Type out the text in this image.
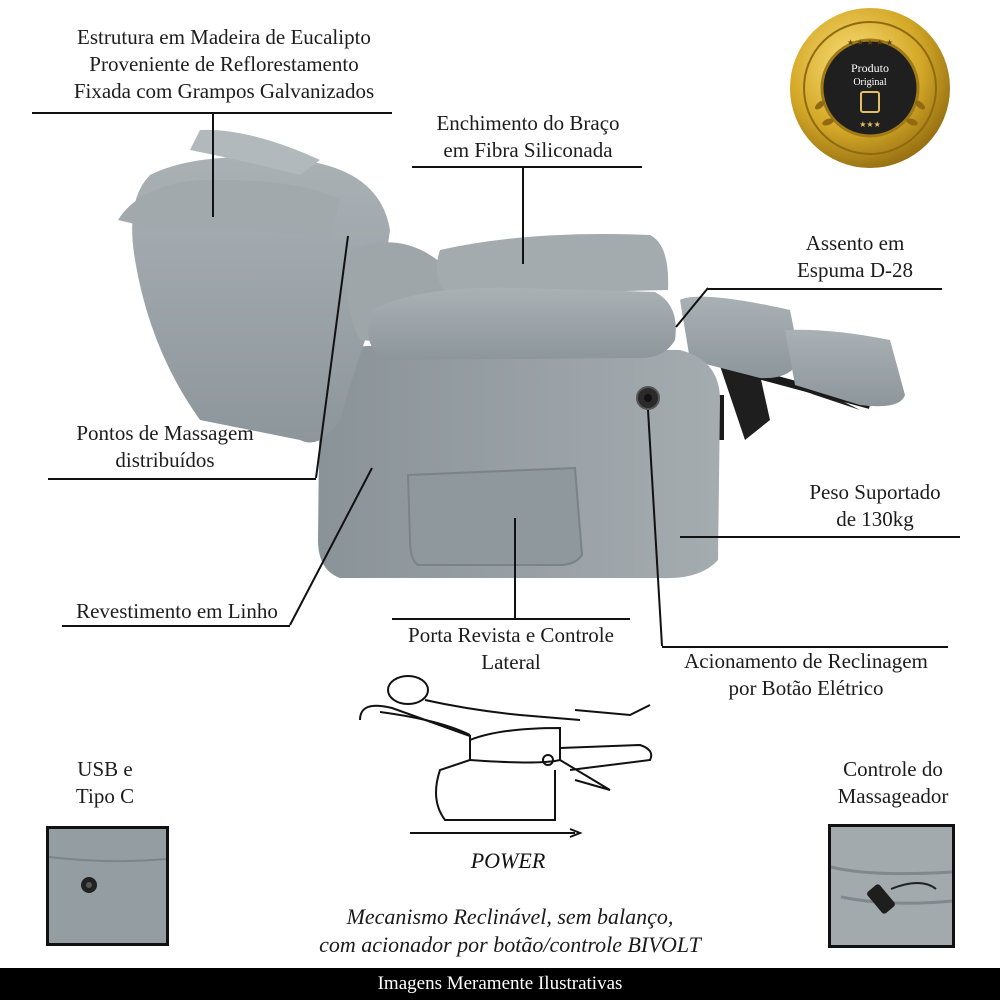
Estrutura em Madeira de Eucalipto
Proveniente de Reflorestamento
Fixada com Grampos Galvanizados
Enchimento do Braço
em Fibra Siliconada
Assento em
Espuma D-28
Pontos de Massagem
distribuídos
Peso Suportado
de 130kg
Revestimento em Linho
Porta Revista e Controle
Lateral	Acionamento de Reclinagem
por Botão Elétrico
★ ★ ★ ★ ★
Produto
Original
★★★
POWER
Mecanismo Reclinável, sem balanço,
com acionador por botão/controle BIVOLT
USB e
Tipo C
Controle do
Massageador
Imagens Meramente Ilustrativas
